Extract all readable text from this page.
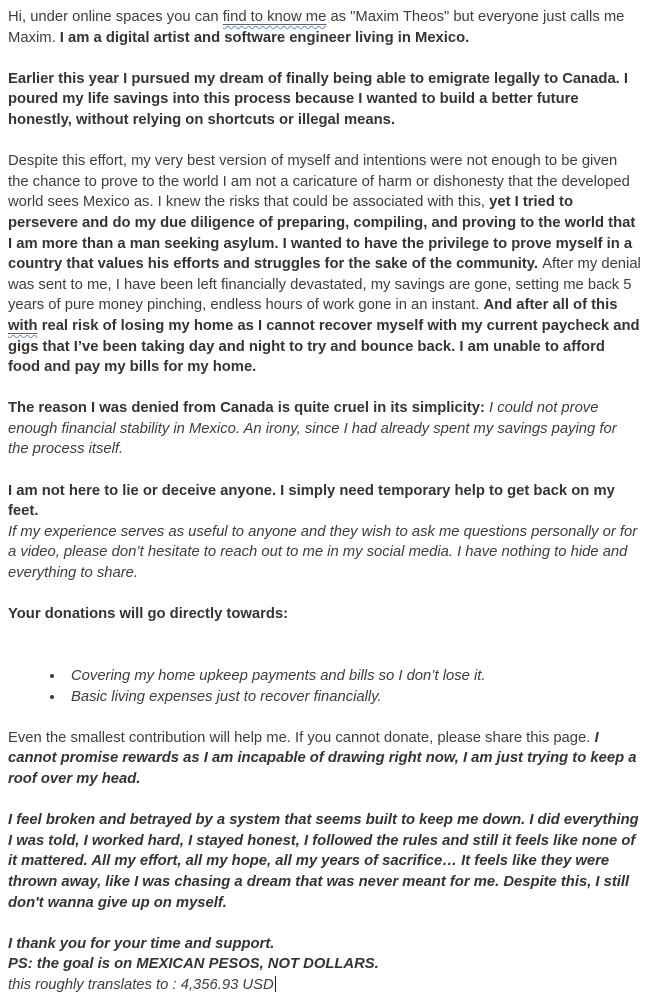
Hi, under online spaces you can find to know me as "Maxim Theos" but everyone just calls me Maxim. I am a digital artist and software engineer living in Mexico.

Earlier this year I pursued my dream of finally being able to emigrate legally to Canada. I poured my life savings into this process because I wanted to build a better future honestly, without relying on shortcuts or illegal means.

Despite this effort, my very best version of myself and intentions were not enough to be given the chance to prove to the world I am not a caricature of harm or dishonesty that the developed world sees Mexico as. I knew the risks that could be associated with this, yet I tried to persevere and do my due diligence of preparing, compiling, and proving to the world that I am more than a man seeking asylum. I wanted to have the privilege to prove myself in a country that values his efforts and struggles for the sake of the community. After my denial was sent to me, I have been left financially devastated, my savings are gone, setting me back 5 years of pure money pinching, endless hours of work gone in an instant. And after all of this with real risk of losing my home as I cannot recover myself with my current paycheck and gigs that I’ve been taking day and night to try and bounce back. I am unable to afford food and pay my bills for my home.

The reason I was denied from Canada is quite cruel in its simplicity: I could not prove enough financial stability in Mexico. An irony, since I had already spent my savings paying for the process itself.

I am not here to lie or deceive anyone. I simply need temporary help to get back on my feet.

If my experience serves as useful to anyone and they wish to ask me questions personally or for a video, please don’t hesitate to reach out to me in my social media. I have nothing to hide and everything to share.

Your donations will go directly towards:

• Covering my home upkeep payments and bills so I don’t lose it.
• Basic living expenses just to recover financially.

Even the smallest contribution will help me. If you cannot donate, please share this page. I cannot promise rewards as I am incapable of drawing right now, I am just trying to keep a roof over my head.

I feel broken and betrayed by a system that seems built to keep me down. I did everything I was told, I worked hard, I stayed honest, I followed the rules and still it feels like none of it mattered. All my effort, all my hope, all my years of sacrifice… It feels like they were thrown away, like I was chasing a dream that was never meant for me. Despite this, I still don't wanna give up on myself.

I thank you for your time and support.

PS: the goal is on MEXICAN PESOS, NOT DOLLARS.

this roughly translates to : 4,356.93 USD
